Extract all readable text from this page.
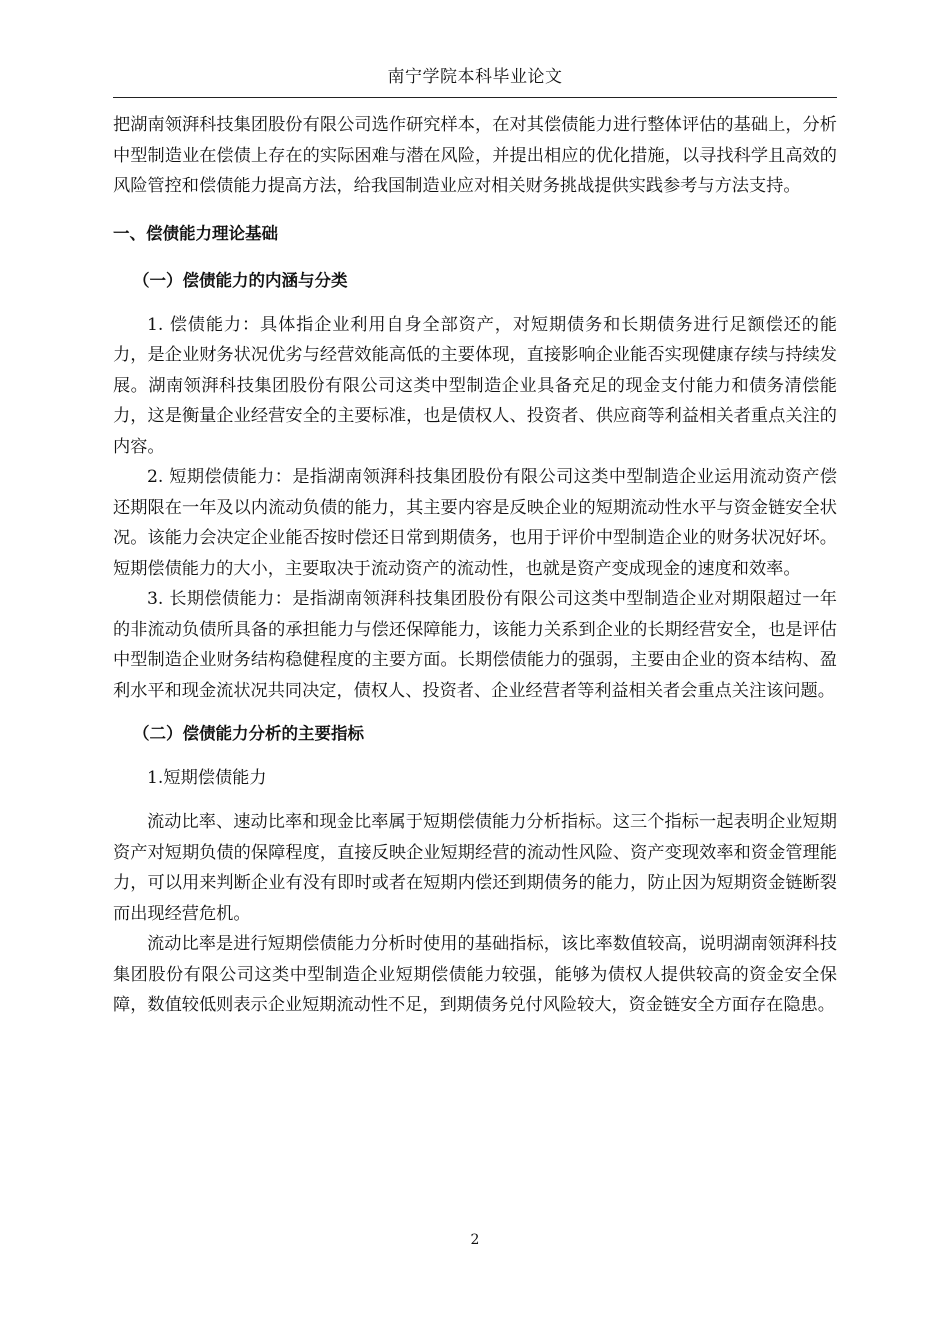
南宁学院本科毕业论文

把湖南领湃科技集团股份有限公司选作研究样本，在对其偿债能力进行整体评估的基础上，分析中型制造业在偿债上存在的实际困难与潜在风险，并提出相应的优化措施，以寻找科学且高效的风险管控和偿债能力提高方法，给我国制造业应对相关财务挑战提供实践参考与方法支持。

一、偿债能力理论基础

（一）偿债能力的内涵与分类

1. 偿债能力：具体指企业利用自身全部资产，对短期债务和长期债务进行足额偿还的能力，是企业财务状况优劣与经营效能高低的主要体现，直接影响企业能否实现健康存续与持续发展。湖南领湃科技集团股份有限公司这类中型制造企业具备充足的现金支付能力和债务清偿能力，这是衡量企业经营安全的主要标准，也是债权人、投资者、供应商等利益相关者重点关注的内容。

2. 短期偿债能力：是指湖南领湃科技集团股份有限公司这类中型制造企业运用流动资产偿还期限在一年及以内流动负债的能力，其主要内容是反映企业的短期流动性水平与资金链安全状况。该能力会决定企业能否按时偿还日常到期债务，也用于评价中型制造企业的财务状况好坏。短期偿债能力的大小，主要取决于流动资产的流动性，也就是资产变成现金的速度和效率。

3. 长期偿债能力：是指湖南领湃科技集团股份有限公司这类中型制造企业对期限超过一年的非流动负债所具备的承担能力与偿还保障能力，该能力关系到企业的长期经营安全，也是评估中型制造企业财务结构稳健程度的主要方面。长期偿债能力的强弱，主要由企业的资本结构、盈利水平和现金流状况共同决定，债权人、投资者、企业经营者等利益相关者会重点关注该问题。

（二）偿债能力分析的主要指标

1.短期偿债能力

流动比率、速动比率和现金比率属于短期偿债能力分析指标。这三个指标一起表明企业短期资产对短期负债的保障程度，直接反映企业短期经营的流动性风险、资产变现效率和资金管理能力，可以用来判断企业有没有即时或者在短期内偿还到期债务的能力，防止因为短期资金链断裂而出现经营危机。

流动比率是进行短期偿债能力分析时使用的基础指标，该比率数值较高，说明湖南领湃科技集团股份有限公司这类中型制造企业短期偿债能力较强，能够为债权人提供较高的资金安全保障，数值较低则表示企业短期流动性不足，到期债务兑付风险较大，资金链安全方面存在隐患。

2
